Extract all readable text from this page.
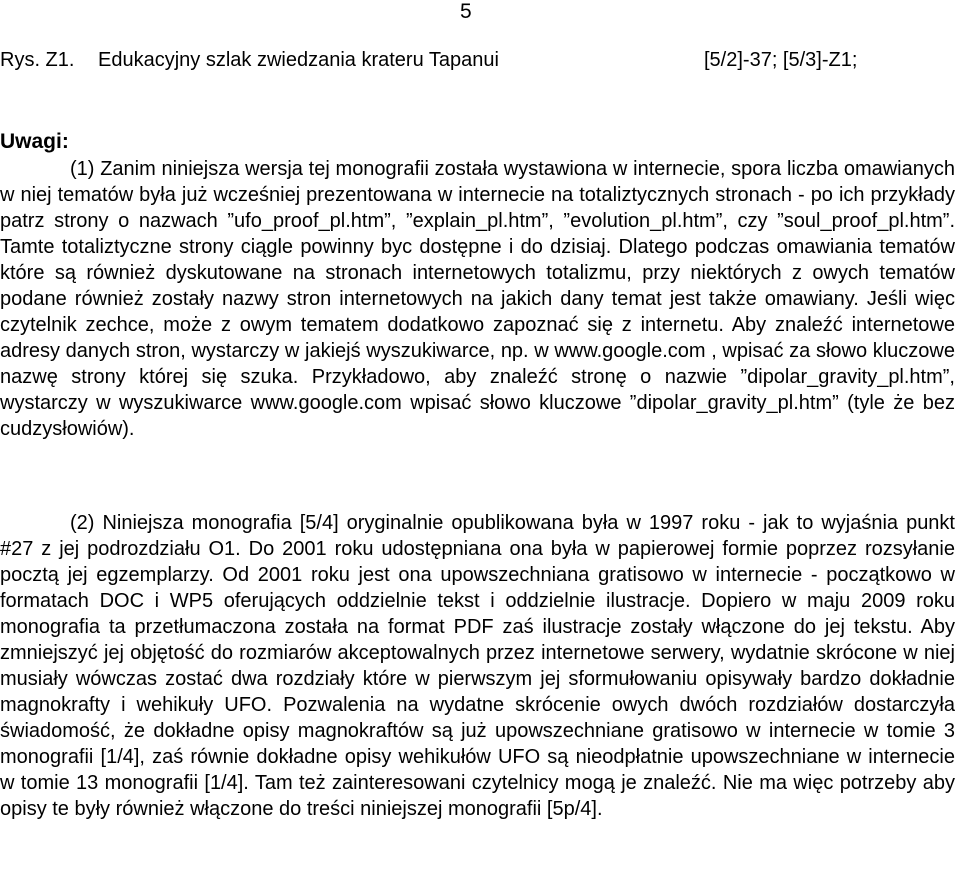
5
Rys. Z1. Edukacyjny szlak zwiedzania krateru Tapanui	[5/2]-37; [5/3]-Z1;
Uwagi:
(1) Zanim niniejsza wersja tej monografii została wystawiona w internecie, spora liczba omawianych w niej tematów była już wcześniej prezentowana w internecie na totaliztycznych stronach - po ich przykłady patrz strony o nazwach ”ufo_proof_pl.htm”, ”explain_pl.htm”, ”evolution_pl.htm”, czy ”soul_proof_pl.htm”. Tamte totaliztyczne strony ciągle powinny byc dostępne i do dzisiaj. Dlatego podczas omawiania tematów które są również dyskutowane na stronach internetowych totalizmu, przy niektórych z owych tematów podane również zostały nazwy stron internetowych na jakich dany temat jest także omawiany. Jeśli więc czytelnik zechce, może z owym tematem dodatkowo zapoznać się z internetu. Aby znaleźć internetowe adresy danych stron, wystarczy w jakiejś wyszukiwarce, np. w www.google.com , wpisać za słowo kluczowe nazwę strony której się szuka. Przykładowo, aby znaleźć stronę o nazwie ”dipolar_gravity_pl.htm”, wystarczy w wyszukiwarce www.google.com wpisać słowo kluczowe ”dipolar_gravity_pl.htm” (tyle że bez cudzysłowiów).
(2) Niniejsza monografia [5/4] oryginalnie opublikowana była w 1997 roku - jak to wyjaśnia punkt #27 z jej podrozdziału O1. Do 2001 roku udostępniana ona była w papierowej formie poprzez rozsyłanie pocztą jej egzemplarzy. Od 2001 roku jest ona upowszechniana gratisowo w internecie - początkowo w formatach DOC i WP5 oferujących oddzielnie tekst i oddzielnie ilustracje. Dopiero w maju 2009 roku monografia ta przetłumaczona została na format PDF zaś ilustracje zostały włączone do jej tekstu. Aby zmniejszyć jej objętość do rozmiarów akceptowalnych przez internetowe serwery, wydatnie skrócone w niej musiały wówczas zostać dwa rozdziały które w pierwszym jej sformułowaniu opisywały bardzo dokładnie magnokrafty i wehikuły UFO. Pozwalenia na wydatne skrócenie owych dwóch rozdziałów dostarczyła świadomość, że dokładne opisy magnokraftów są już upowszechniane gratisowo w internecie w tomie 3 monografii [1/4], zaś równie dokładne opisy wehikułów UFO są nieodpłatnie upowszechniane w internecie w tomie 13 monografii [1/4]. Tam też zainteresowani czytelnicy mogą je znaleźć. Nie ma więc potrzeby aby opisy te były również włączone do treści niniejszej monografii [5p/4].
